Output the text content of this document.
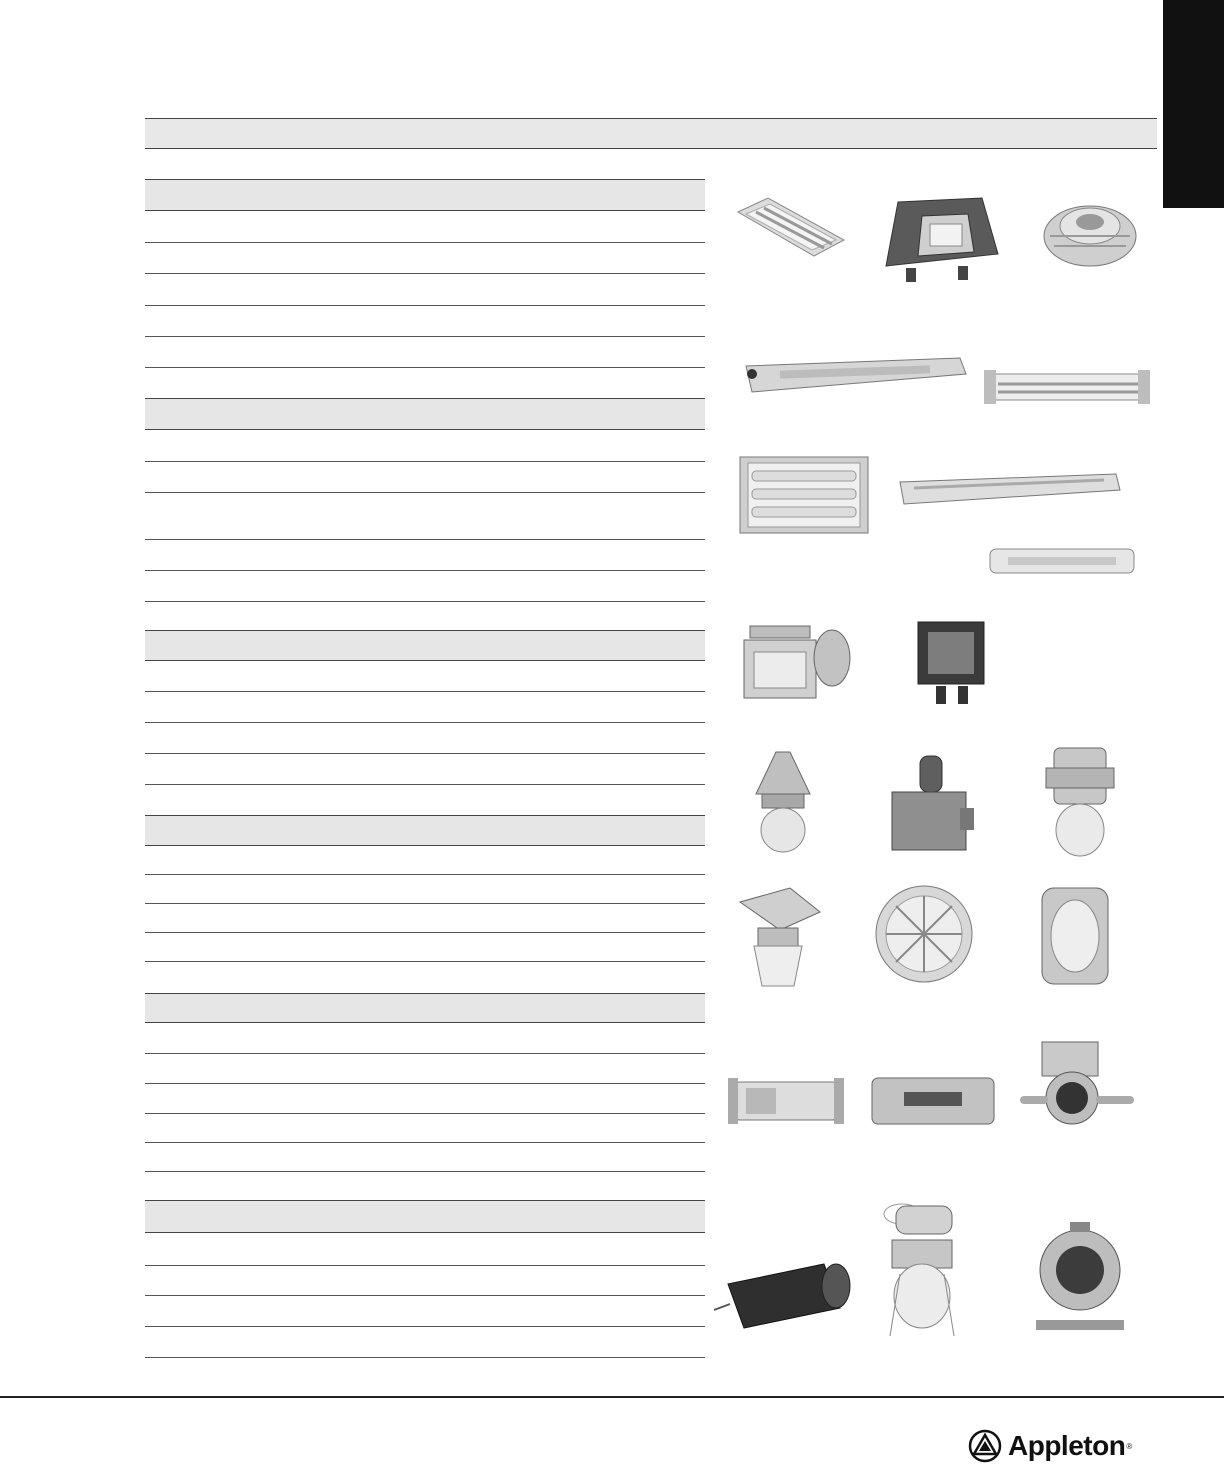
Appleton ®
